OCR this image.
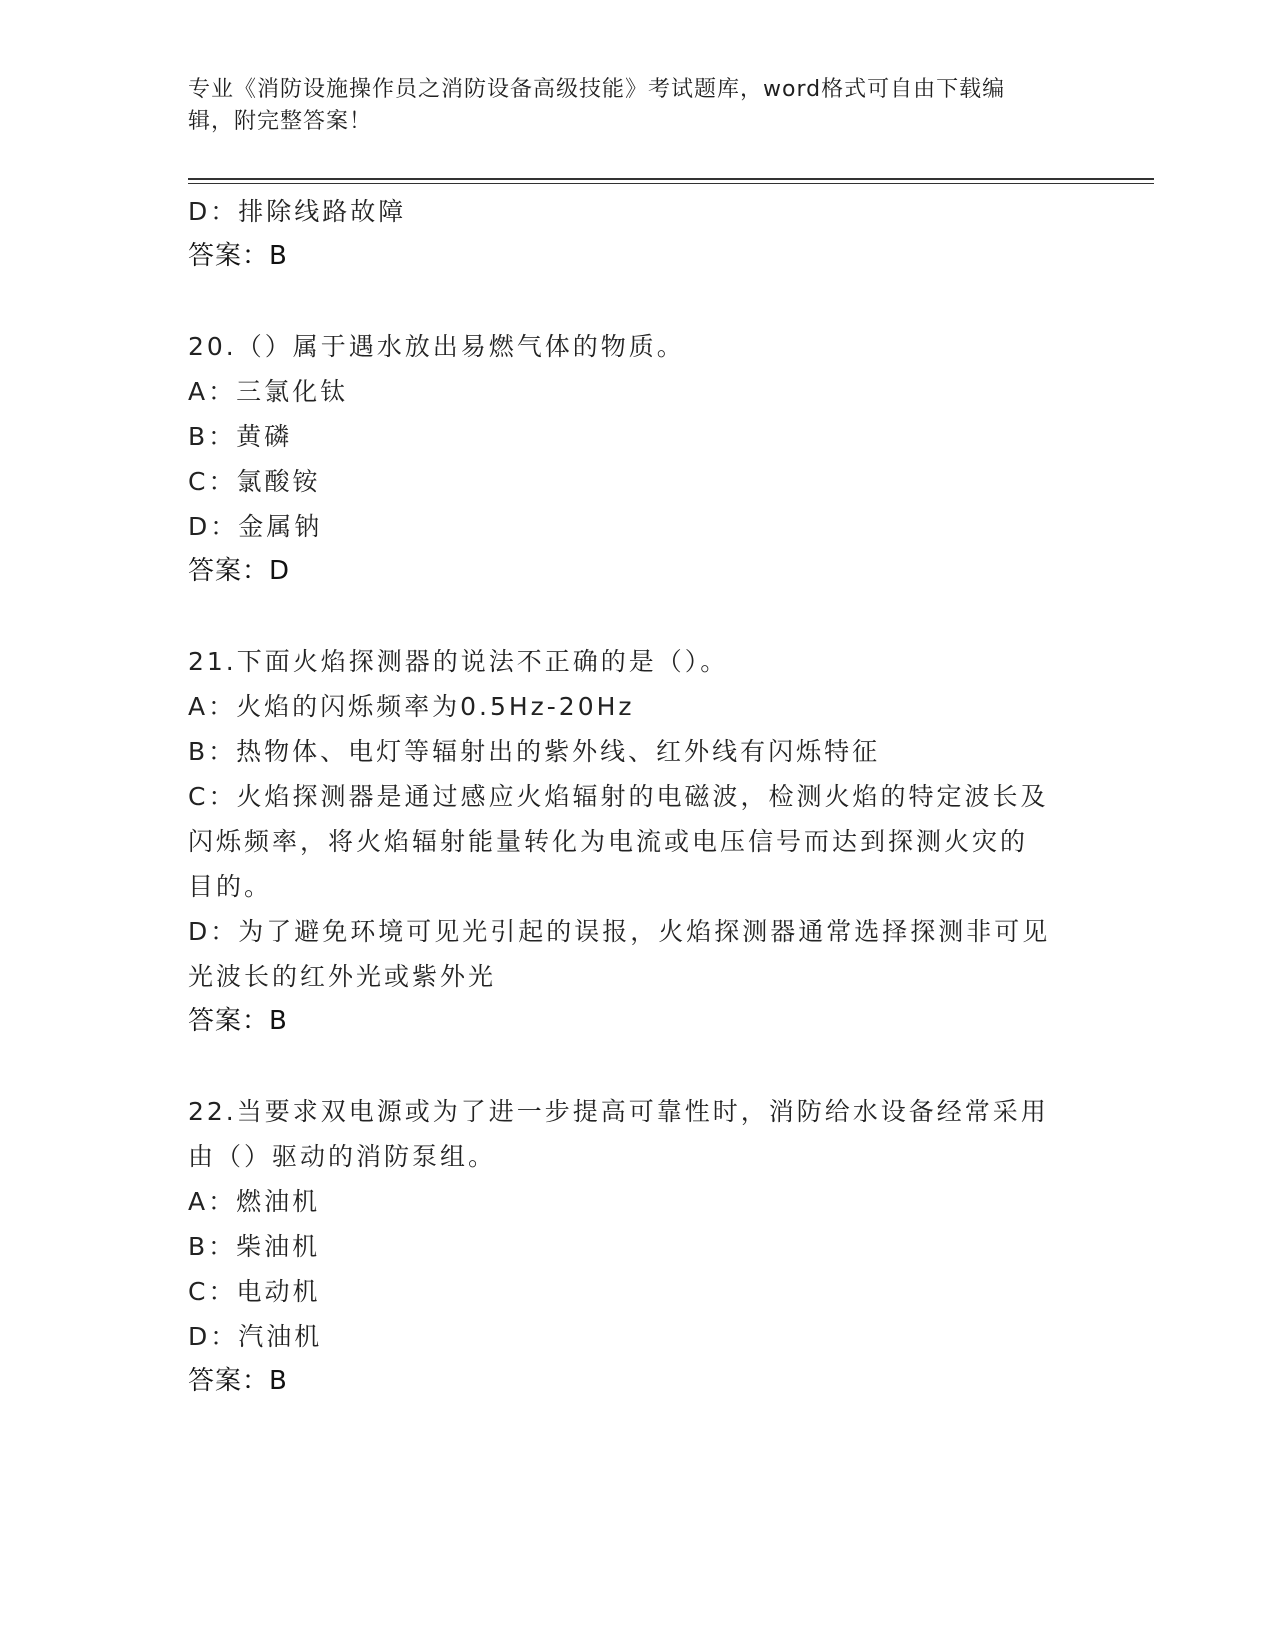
专业《消防设施操作员之消防设备高级技能》考试题库，word格式可自由下载编
辑，附完整答案！
D：排除线路故障
答案：B
20.（）属于遇水放出易燃气体的物质。
A：三氯化钛
B：黄磷
C：氯酸铵
D：金属钠
答案：D
21.下面火焰探测器的说法不正确的是（）。
A：火焰的闪烁频率为0.5Hz-20Hz
B：热物体、电灯等辐射出的紫外线、红外线有闪烁特征
C：火焰探测器是通过感应火焰辐射的电磁波，检测火焰的特定波长及
闪烁频率，将火焰辐射能量转化为电流或电压信号而达到探测火灾的
目的。
D：为了避免环境可见光引起的误报，火焰探测器通常选择探测非可见
光波长的红外光或紫外光
答案：B
22.当要求双电源或为了进一步提高可靠性时，消防给水设备经常采用
由（）驱动的消防泵组。
A：燃油机
B：柴油机
C：电动机
D：汽油机
答案：B
